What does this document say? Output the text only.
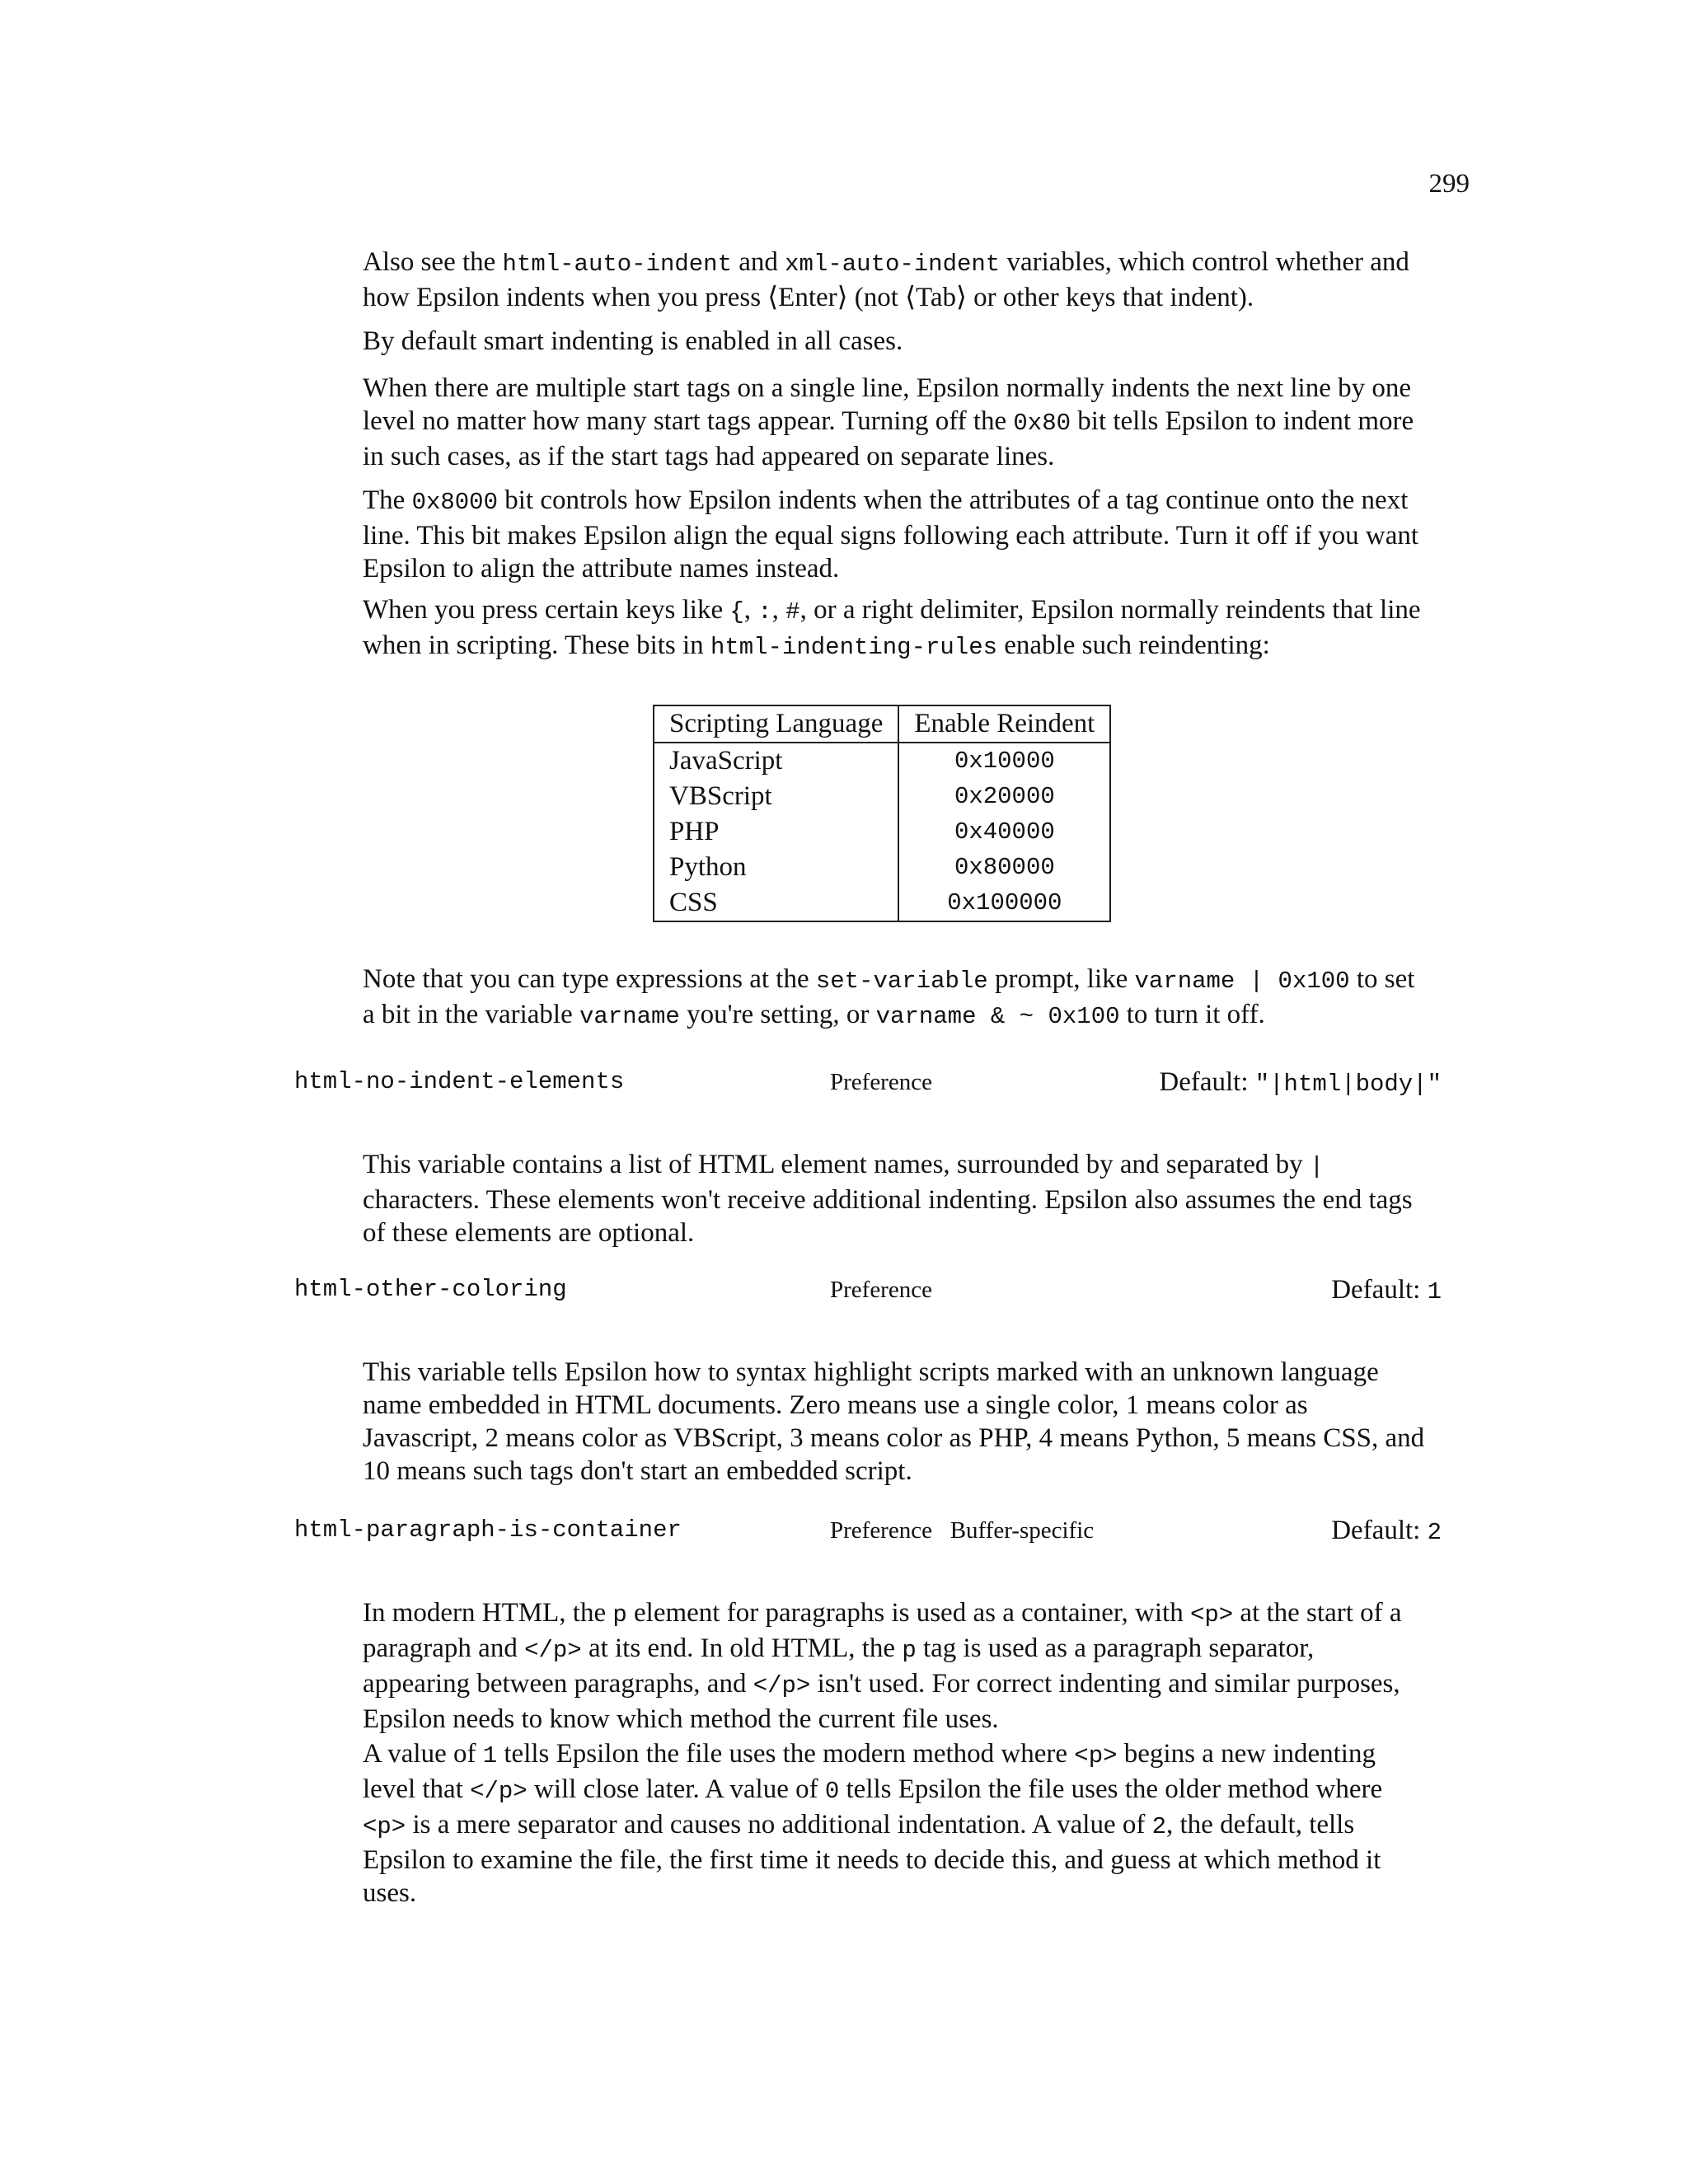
299

Also see the html-auto-indent and xml-auto-indent variables, which control whether and how Epsilon indents when you press ⟨Enter⟩ (not ⟨Tab⟩ or other keys that indent).

By default smart indenting is enabled in all cases.

When there are multiple start tags on a single line, Epsilon normally indents the next line by one level no matter how many start tags appear. Turning off the 0x80 bit tells Epsilon to indent more in such cases, as if the start tags had appeared on separate lines.

The 0x8000 bit controls how Epsilon indents when the attributes of a tag continue onto the next line. This bit makes Epsilon align the equal signs following each attribute. Turn it off if you want Epsilon to align the attribute names instead.

When you press certain keys like {, :, #, or a right delimiter, Epsilon normally reindents that line when in scripting. These bits in html-indenting-rules enable such reindenting:

Scripting Language	Enable Reindent
JavaScript	0x10000
VBScript	0x20000
PHP	0x40000
Python	0x80000
CSS	0x100000

Note that you can type expressions at the set-variable prompt, like varname | 0x100 to set a bit in the variable varname you're setting, or varname & ~ 0x100 to turn it off.

html-no-indent-elements	Preference	Default: "|html|body|"

This variable contains a list of HTML element names, surrounded by and separated by | characters. These elements won't receive additional indenting. Epsilon also assumes the end tags of these elements are optional.

html-other-coloring	Preference	Default: 1

This variable tells Epsilon how to syntax highlight scripts marked with an unknown language name embedded in HTML documents. Zero means use a single color, 1 means color as Javascript, 2 means color as VBScript, 3 means color as PHP, 4 means Python, 5 means CSS, and 10 means such tags don't start an embedded script.

html-paragraph-is-container	Preference   Buffer-specific	Default: 2

In modern HTML, the p element for paragraphs is used as a container, with <p> at the start of a paragraph and </p> at its end. In old HTML, the p tag is used as a paragraph separator, appearing between paragraphs, and </p> isn't used. For correct indenting and similar purposes, Epsilon needs to know which method the current file uses.

A value of 1 tells Epsilon the file uses the modern method where <p> begins a new indenting level that </p> will close later. A value of 0 tells Epsilon the file uses the older method where <p> is a mere separator and causes no additional indentation. A value of 2, the default, tells Epsilon to examine the file, the first time it needs to decide this, and guess at which method it uses.
